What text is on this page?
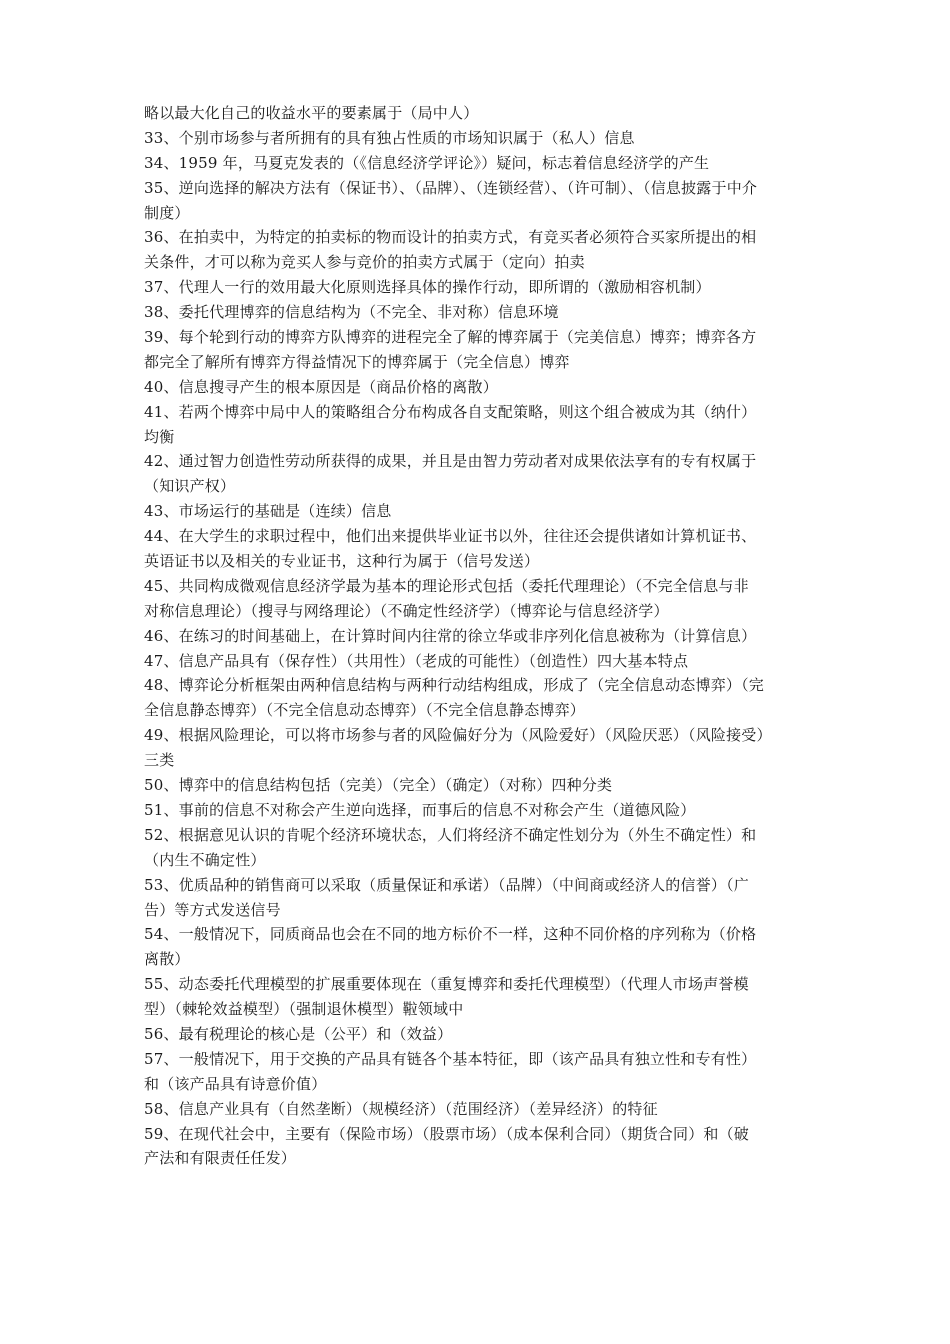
略以最大化自己的收益水平的要素属于（局中人）
33、个别市场参与者所拥有的具有独占性质的市场知识属于（私人）信息
34、1959 年，马夏克发表的（《信息经济学评论》）疑问，标志着信息经济学的产生
35、逆向选择的解决方法有（保证书）、（品牌）、（连锁经营）、（许可制）、（信息披露于中介
制度）
36、在拍卖中，为特定的拍卖标的物而设计的拍卖方式，有竞买者必须符合买家所提出的相
关条件，才可以称为竞买人参与竞价的拍卖方式属于（定向）拍卖
37、代理人一行的效用最大化原则选择具体的操作行动，即所谓的（激励相容机制）
38、委托代理博弈的信息结构为（不完全、非对称）信息环境
39、每个轮到行动的博弈方队博弈的进程完全了解的博弈属于（完美信息）博弈；博弈各方
都完全了解所有博弈方得益情况下的博弈属于（完全信息）博弈
40、信息搜寻产生的根本原因是（商品价格的离散）
41、若两个博弈中局中人的策略组合分布构成各自支配策略，则这个组合被成为其（纳什）
均衡
42、通过智力创造性劳动所获得的成果，并且是由智力劳动者对成果依法享有的专有权属于
（知识产权）
43、市场运行的基础是（连续）信息
44、在大学生的求职过程中，他们出来提供毕业证书以外，往往还会提供诸如计算机证书、
英语证书以及相关的专业证书，这种行为属于（信号发送）
45、共同构成微观信息经济学最为基本的理论形式包括（委托代理理论）（不完全信息与非
对称信息理论）（搜寻与网络理论）（不确定性经济学）（博弈论与信息经济学）
46、在练习的时间基础上，在计算时间内往常的徐立华或非序列化信息被称为（计算信息）
47、信息产品具有（保存性）（共用性）（老成的可能性）（创造性）四大基本特点
48、博弈论分析框架由两种信息结构与两种行动结构组成，形成了（完全信息动态博弈）（完
全信息静态博弈）（不完全信息动态博弈）（不完全信息静态博弈）
49、根据风险理论，可以将市场参与者的风险偏好分为（风险爱好）（风险厌恶）（风险接受）
三类
50、博弈中的信息结构包括（完美）（完全）（确定）（对称）四种分类
51、事前的信息不对称会产生逆向选择，而事后的信息不对称会产生（道德风险）
52、根据意见认识的肯呢个经济环境状态，人们将经济不确定性划分为（外生不确定性）和
（内生不确定性）
53、优质品种的销售商可以采取（质量保证和承诺）（品牌）（中间商或经济人的信誉）（广
告）等方式发送信号
54、一般情况下，同质商品也会在不同的地方标价不一样，这种不同价格的序列称为（价格
离散）
55、动态委托代理模型的扩展重要体现在（重复博弈和委托代理模型）（代理人市场声誉模
型）（棘轮效益模型）（强制退休模型）鞡领域中
56、最有税理论的核心是（公平）和（效益）
57、一般情况下，用于交换的产品具有链各个基本特征，即（该产品具有独立性和专有性）
和（该产品具有诗意价值）
58、信息产业具有（自然垄断）（规模经济）（范围经济）（差异经济）的特征
59、在现代社会中，主要有（保险市场）（股票市场）（成本保利合同）（期货合同）和（破
产法和有限责任任发）
